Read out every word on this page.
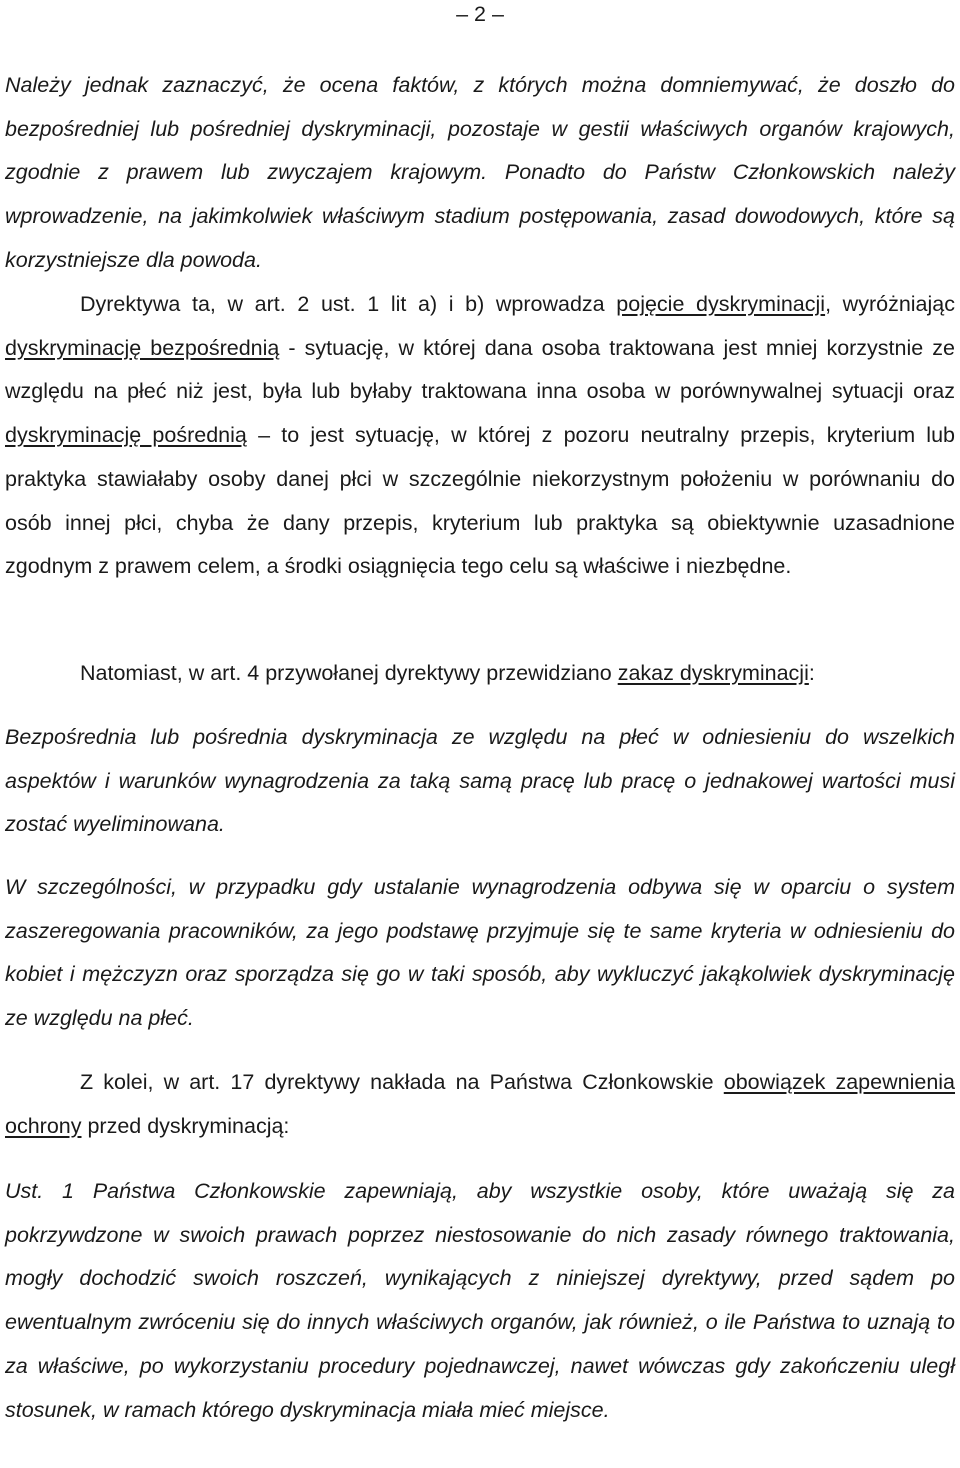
– 2 –

Należy jednak zaznaczyć, że ocena faktów, z których można domniemywać, że doszło do bezpośredniej lub pośredniej dyskryminacji, pozostaje w gestii właściwych organów krajowych, zgodnie z prawem lub zwyczajem krajowym. Ponadto do Państw Członkowskich należy wprowadzenie, na jakimkolwiek właściwym stadium postępowania, zasad dowodowych, które są korzystniejsze dla powoda.

Dyrektywa ta, w art. 2 ust. 1 lit a) i b) wprowadza pojęcie dyskryminacji, wyróżniając dyskryminację bezpośrednią - sytuację, w której dana osoba traktowana jest mniej korzystnie ze względu na płeć niż jest, była lub byłaby traktowana inna osoba w porównywalnej sytuacji oraz dyskryminację pośrednią – to jest sytuację, w której z pozoru neutralny przepis, kryterium lub praktyka stawiałaby osoby danej płci w szczególnie niekorzystnym położeniu w porównaniu do osób innej płci, chyba że dany przepis, kryterium lub praktyka są obiektywnie uzasadnione zgodnym z prawem celem, a środki osiągnięcia tego celu są właściwe i niezbędne.

Natomiast, w art. 4 przywołanej dyrektywy przewidziano zakaz dyskryminacji:

Bezpośrednia lub pośrednia dyskryminacja ze względu na płeć w odniesieniu do wszelkich aspektów i warunków wynagrodzenia za taką samą pracę lub pracę o jednakowej wartości musi zostać wyeliminowana.

W szczególności, w przypadku gdy ustalanie wynagrodzenia odbywa się w oparciu o system zaszeregowania pracowników, za jego podstawę przyjmuje się te same kryteria w odniesieniu do kobiet i mężczyzn oraz sporządza się go w taki sposób, aby wykluczyć jakąkolwiek dyskryminację ze względu na płeć.

Z kolei, w art. 17 dyrektywy nakłada na Państwa Członkowskie obowiązek zapewnienia ochrony przed dyskryminacją:

Ust. 1 Państwa Członkowskie zapewniają, aby wszystkie osoby, które uważają się za pokrzywdzone w swoich prawach poprzez niestosowanie do nich zasady równego traktowania, mogły dochodzić swoich roszczeń, wynikających z niniejszej dyrektywy, przed sądem po ewentualnym zwróceniu się do innych właściwych organów, jak również, o ile Państwa to uznają to za właściwe, po wykorzystaniu procedury pojednawczej, nawet wówczas gdy zakończeniu uległ stosunek, w ramach którego dyskryminacja miała mieć miejsce.
